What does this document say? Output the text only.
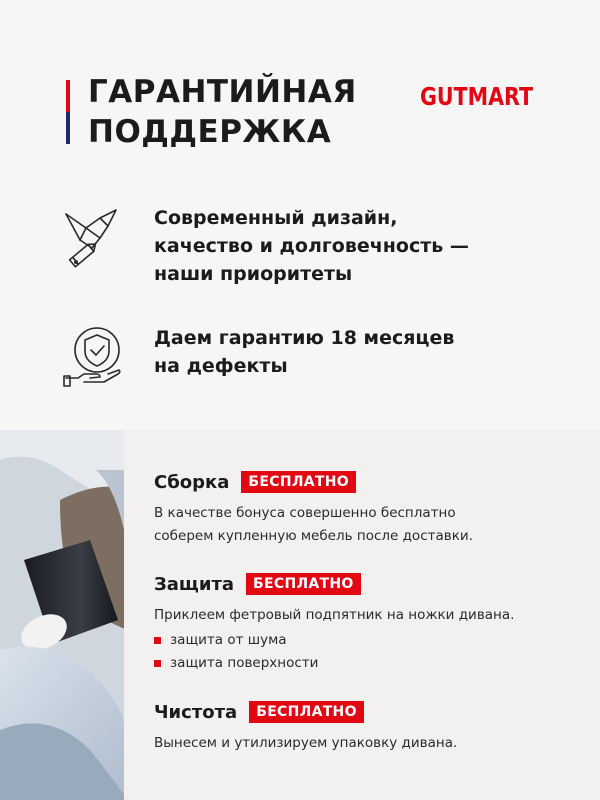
ГАРАНТИЙНАЯ
ПОДДЕРЖКА
GUTMART
Современный дизайн,
качество и долговечность —
наши приоритеты
Даем гарантию 18 месяцев
на дефекты
Сборка	БЕСПЛАТНО
В качестве бонуса совершенно бесплатно
соберем купленную мебель после доставки.
Защита	БЕСПЛАТНО
Приклеем фетровый подпятник на ножки дивана.
защита от шума
защита поверхности
Чистота	БЕСПЛАТНО
Вынесем и утилизируем упаковку дивана.
